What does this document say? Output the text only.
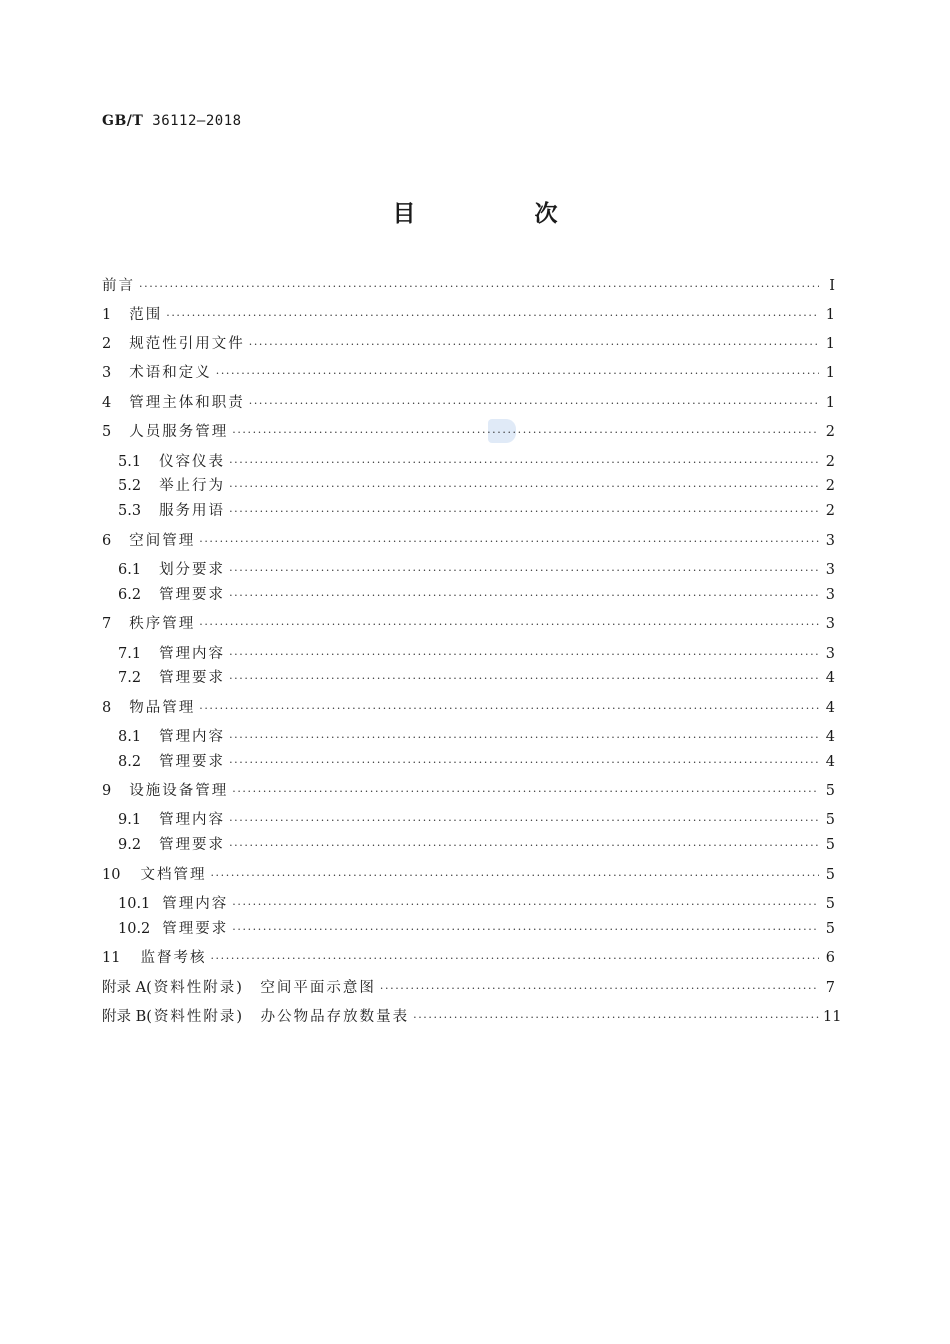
GB/T 36112—2018
目　次
前言 ·····	Ⅰ
1 范围 ·····	1
2 规范性引用文件 ·····	1
3 术语和定义 ·····	1
4 管理主体和职责 ·····	1
5 人员服务管理 ·····	2
5.1 仪容仪表 ·····	2
5.2 举止行为 ·····	2
5.3 服务用语 ·····	2
6 空间管理 ·····	3
6.1 划分要求 ·····	3
6.2 管理要求 ·····	3
7 秩序管理 ·····	3
7.1 管理内容 ·····	3
7.2 管理要求 ·····	4
8 物品管理 ·····	4
8.1 管理内容 ·····	4
8.2 管理要求 ·····	4
9 设施设备管理 ·····	5
9.1 管理内容 ·····	5
9.2 管理要求 ·····	5
10 文档管理 ·····	5
10.1 管理内容 ·····	5
10.2 管理要求 ·····	5
11 监督考核 ·····	6
附录 A (资料性附录)　空间平面示意图 ·····	7
附录 B (资料性附录)　办公物品存放数量表 ·····	11
